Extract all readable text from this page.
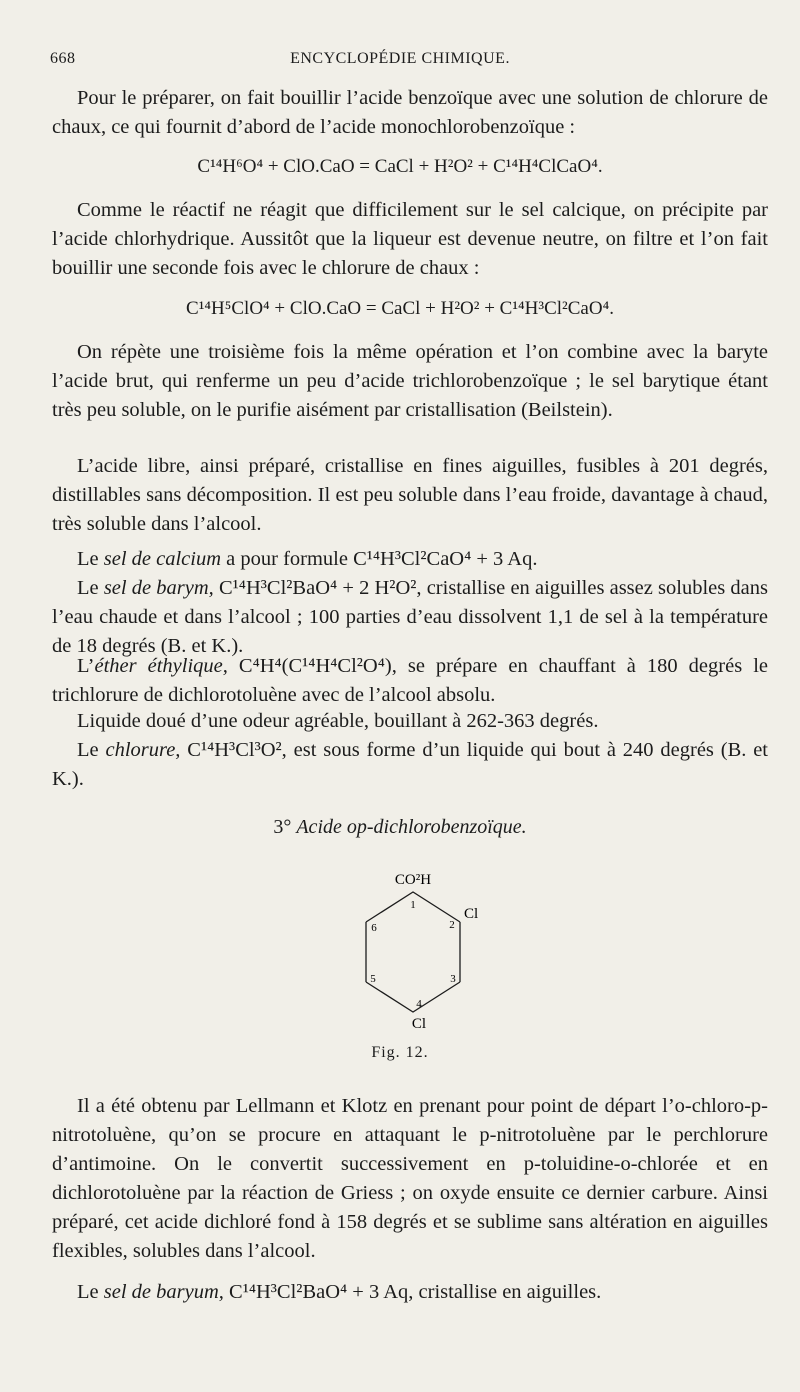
668	ENCYCLOPÉDIE CHIMIQUE.
Pour le préparer, on fait bouillir l’acide benzoïque avec une solution de chlorure de chaux, ce qui fournit d’abord de l’acide monochlorobenzoïque :
C¹⁴H⁶O⁴ + ClO.CaO = CaCl + H²O² + C¹⁴H⁴ClCaO⁴.
Comme le réactif ne réagit que difficilement sur le sel calcique, on précipite par l’acide chlorhydrique. Aussitôt que la liqueur est devenue neutre, on filtre et l’on fait bouillir une seconde fois avec le chlorure de chaux :
C¹⁴H⁵ClO⁴ + ClO.CaO = CaCl + H²O² + C¹⁴H³Cl²CaO⁴.
On répète une troisième fois la même opération et l’on combine avec la baryte l’acide brut, qui renferme un peu d’acide trichlorobenzoïque ; le sel barytique étant très peu soluble, on le purifie aisément par cristallisation (Beilstein).
L’acide libre, ainsi préparé, cristallise en fines aiguilles, fusibles à 201 degrés, distillables sans décomposition. Il est peu soluble dans l’eau froide, davantage à chaud, très soluble dans l’alcool.
Le sel de calcium a pour formule C¹⁴H³Cl²CaO⁴ + 3 Aq.
Le sel de barym, C¹⁴H³Cl²BaO⁴ + 2 H²O², cristallise en aiguilles assez solubles dans l’eau chaude et dans l’alcool ; 100 parties d’eau dissolvent 1,1 de sel à la température de 18 degrés (B. et K.).
L’éther éthylique, C⁴H⁴(C¹⁴H⁴Cl²O⁴), se prépare en chauffant à 180 degrés le trichlorure de dichlorotoluène avec de l’alcool absolu.
Liquide doué d’une odeur agréable, bouillant à 262-363 degrés.
Le chlorure, C¹⁴H³Cl³O², est sous forme d’un liquide qui bout à 240 degrés (B. et K.).
3° Acide op-dichlorobenzoïque.
CO²H
1
2
3
4
5
6
Cl
Cl
Fig. 12.
Il a été obtenu par Lellmann et Klotz en prenant pour point de départ l’o-chloro-p-nitrotoluène, qu’on se procure en attaquant le p-nitrotoluène par le perchlorure d’antimoine. On le convertit successivement en p-toluidine-o-chlorée et en dichlorotoluène par la réaction de Griess ; on oxyde ensuite ce dernier carbure. Ainsi préparé, cet acide dichloré fond à 158 degrés et se sublime sans altération en aiguilles flexibles, solubles dans l’alcool.
Le sel de baryum, C¹⁴H³Cl²BaO⁴ + 3 Aq, cristallise en aiguilles.
